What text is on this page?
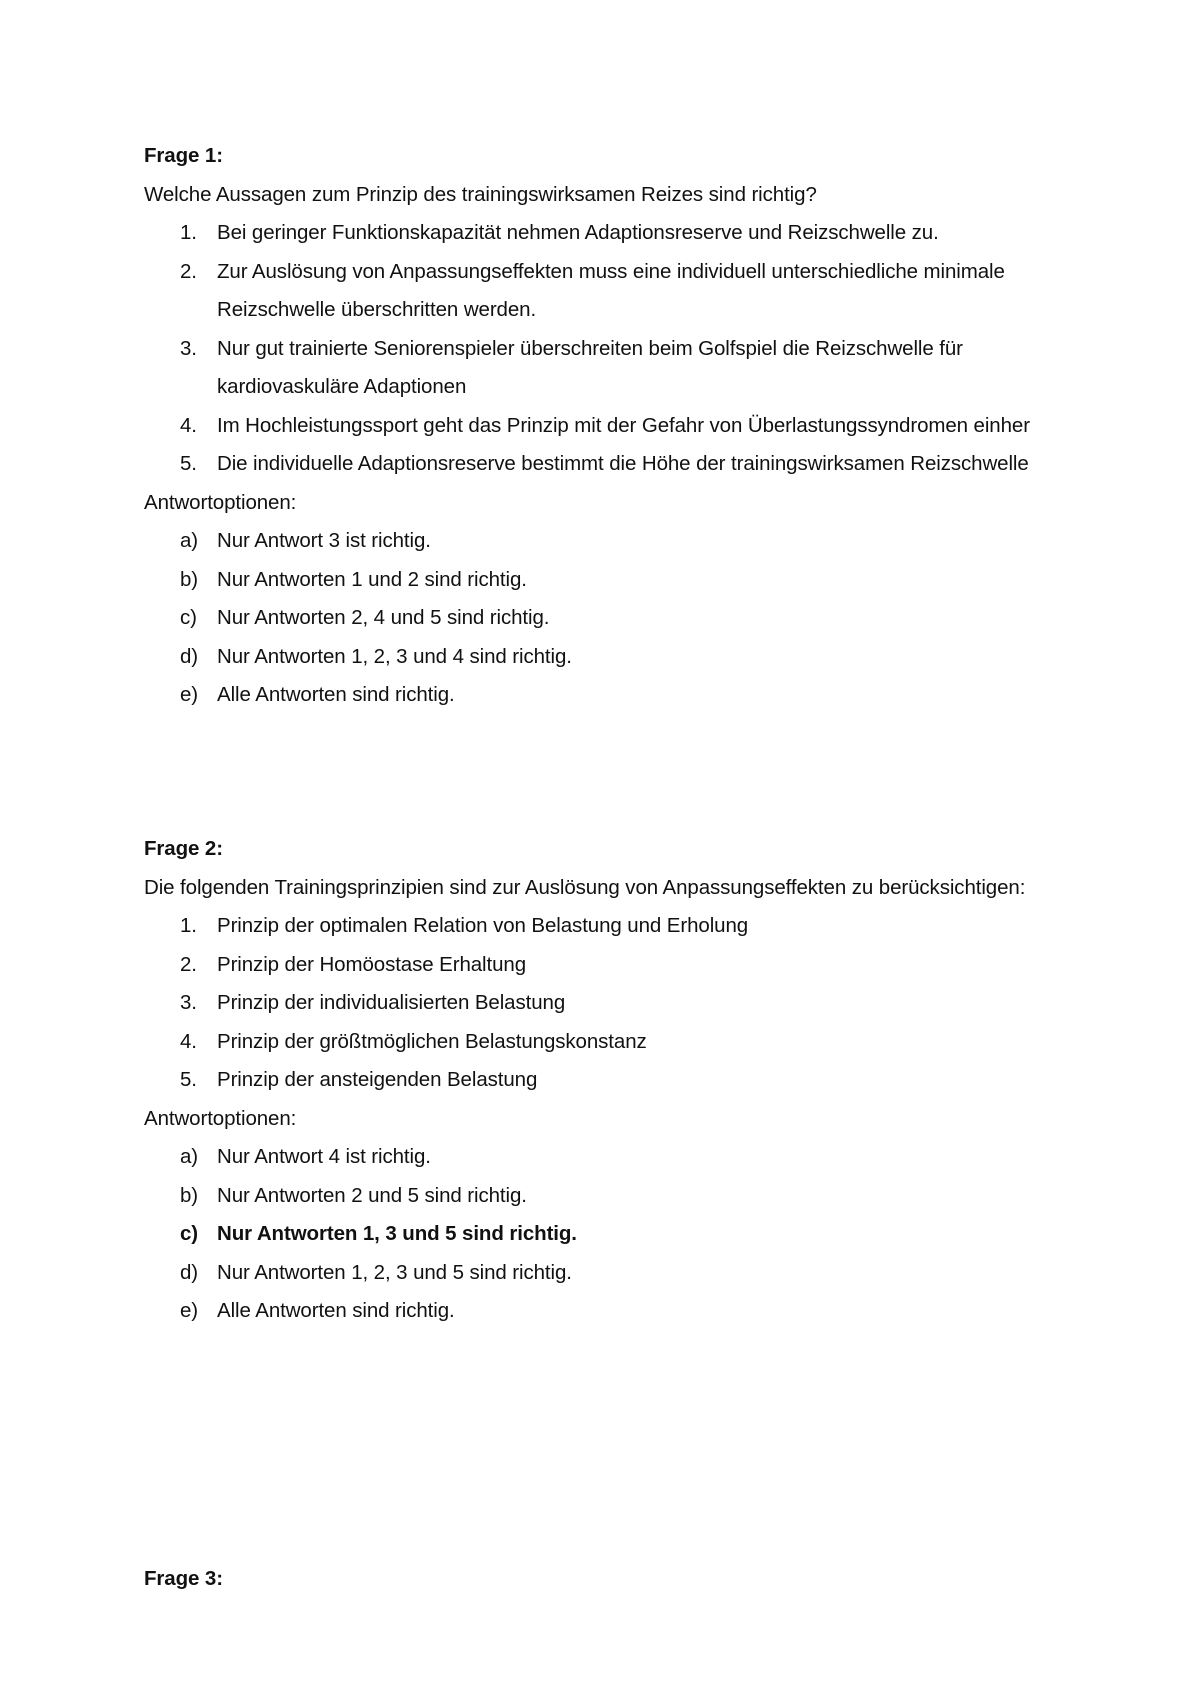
Frage 1:

Welche Aussagen zum Prinzip des trainingswirksamen Reizes sind richtig?

1. Bei geringer Funktionskapazität nehmen Adaptionsreserve und Reizschwelle zu.
2. Zur Auslösung von Anpassungseffekten muss eine individuell unterschiedliche minimale Reizschwelle überschritten werden.
3. Nur gut trainierte Seniorenspieler überschreiten beim Golfspiel die Reizschwelle für kardiovaskuläre Adaptionen
4. Im Hochleistungssport geht das Prinzip mit der Gefahr von Überlastungssyndromen einher
5. Die individuelle Adaptionsreserve bestimmt die Höhe der trainingswirksamen Reizschwelle

Antwortoptionen:

a) Nur Antwort 3 ist richtig.
b) Nur Antworten 1 und 2 sind richtig.
c) Nur Antworten 2, 4 und 5 sind richtig.
d) Nur Antworten 1, 2, 3 und 4 sind richtig.
e) Alle Antworten sind richtig.

Frage 2:

Die folgenden Trainingsprinzipien sind zur Auslösung von Anpassungseffekten zu berücksichtigen:

1. Prinzip der optimalen Relation von Belastung und Erholung
2. Prinzip der Homöostase Erhaltung
3. Prinzip der individualisierten Belastung
4. Prinzip der größtmöglichen Belastungskonstanz
5. Prinzip der ansteigenden Belastung

Antwortoptionen:

a) Nur Antwort 4 ist richtig.
b) Nur Antworten 2 und 5 sind richtig.
c) Nur Antworten 1, 3 und 5 sind richtig.
d) Nur Antworten 1, 2, 3 und 5 sind richtig.
e) Alle Antworten sind richtig.

Frage 3:
